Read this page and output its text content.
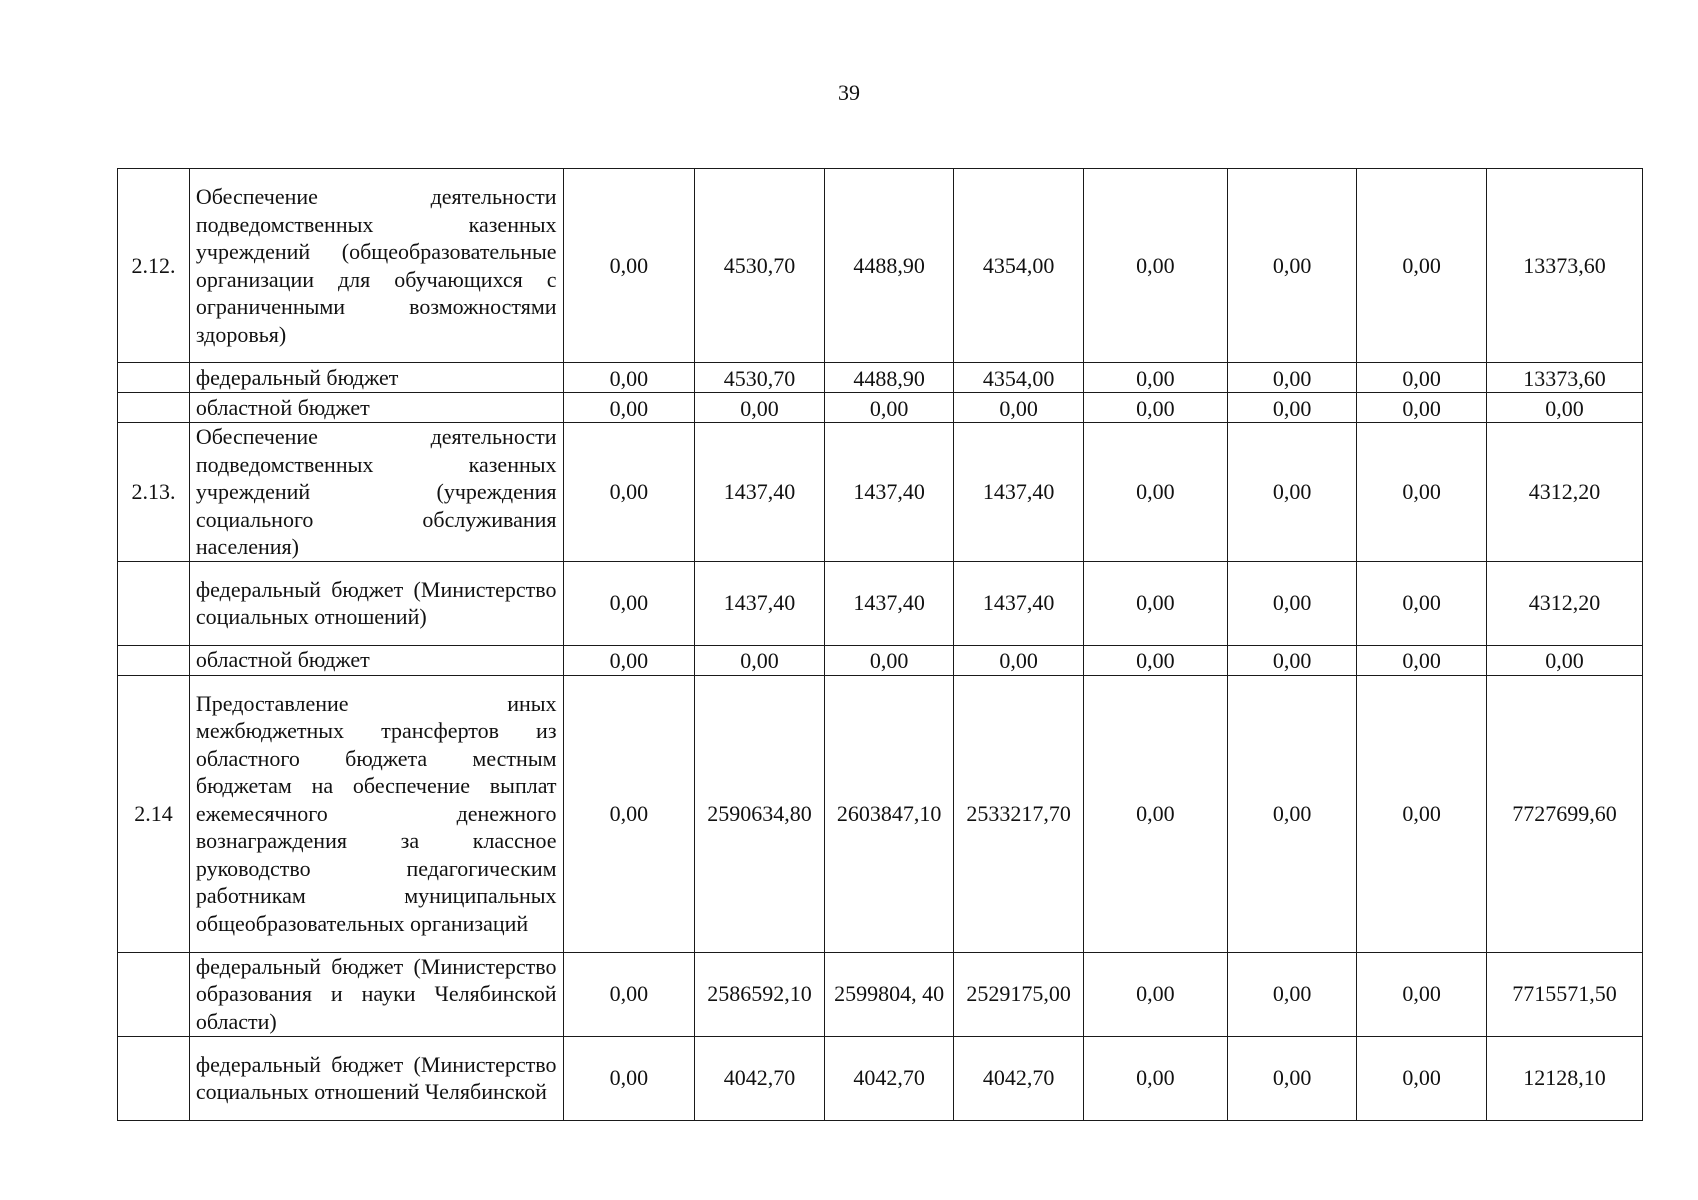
39
2.12.	Обеспечение деятельности подведомственных казенных учреждений (общеобразовательные организации для обучающихся с ограниченными возможностями здоровья)	0,00	4530,70	4488,90	4354,00	0,00	0,00	0,00	13373,60

	федеральный бюджет	0,00	4530,70	4488,90	4354,00	0,00	0,00	0,00	13373,60

	областной бюджет	0,00	0,00	0,00	0,00	0,00	0,00	0,00	0,00
2.13.	Обеспечение деятельности подведомственных казенных учреждений (учреждения социального обслуживания населения)	0,00	1437,40	1437,40	1437,40	0,00	0,00	0,00	4312,20

	федеральный бюджет (Министерство социальных отношений)	0,00	1437,40	1437,40	1437,40	0,00	0,00	0,00	4312,20

	областной бюджет	0,00	0,00	0,00	0,00	0,00	0,00	0,00	0,00
2.14	Предоставление иных межбюджетных трансфертов из областного бюджета местным бюджетам на обеспечение выплат ежемесячного денежного вознаграждения за классное руководство педагогическим работникам муниципальных общеобразовательных организаций	0,00	2590634,80	2603847,10	2533217,70	0,00	0,00	0,00	7727699,60

	федеральный бюджет (Министерство образования и науки Челябинской области)	0,00	2586592,10	2599804, 40	2529175,00	0,00	0,00	0,00	7715571,50

	федеральный бюджет (Министерство социальных отношений Челябинской	0,00	4042,70	4042,70	4042,70	0,00	0,00	0,00	12128,10
